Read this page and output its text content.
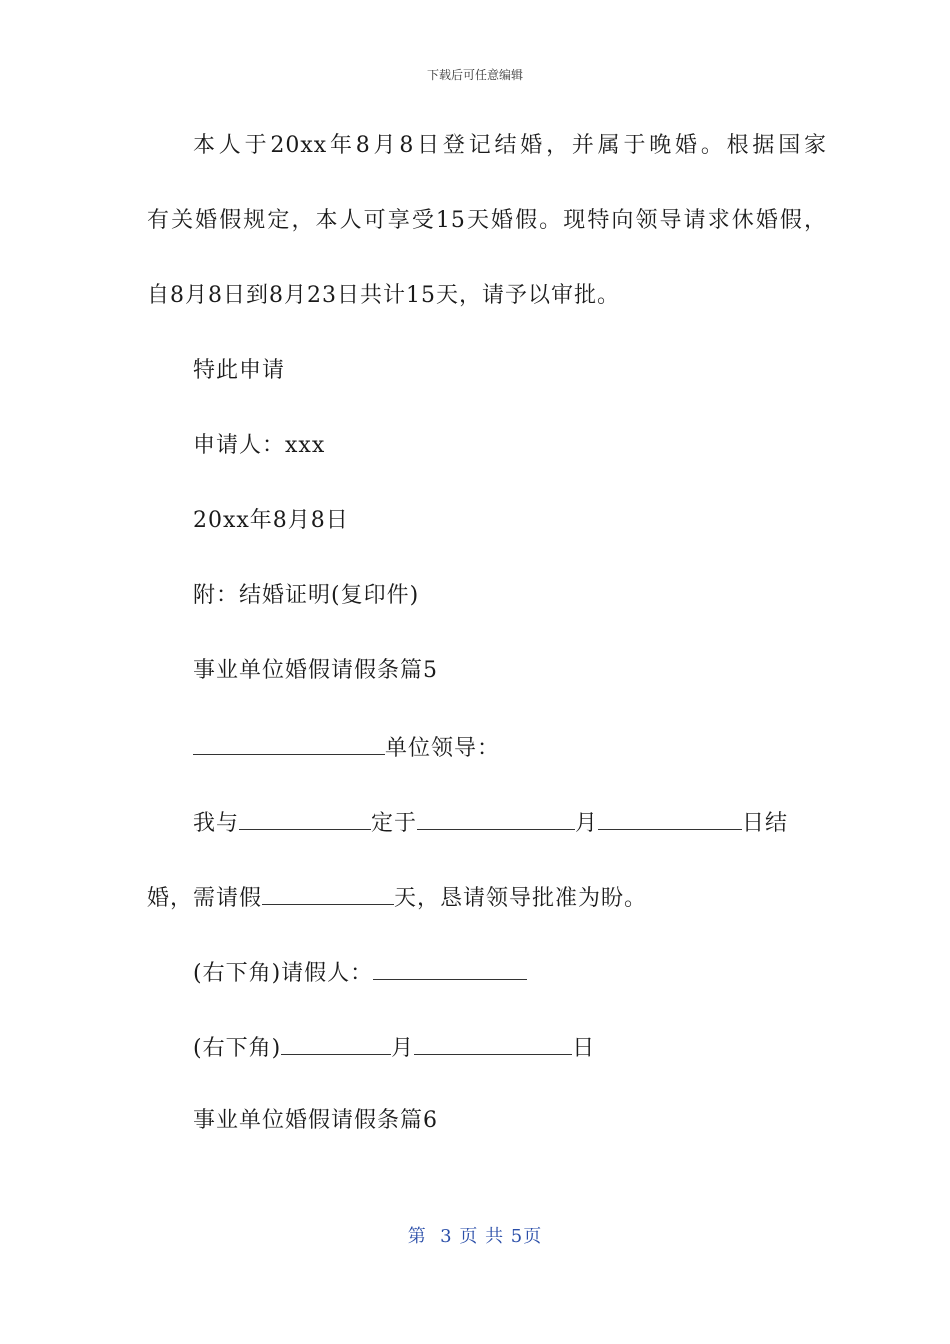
下载后可任意编辑
本人于20xx年8月8日登记结婚，并属于晚婚。根据国家
有关婚假规定，本人可享受15天婚假。现特向领导请求休婚假，
自8月8日到8月23日共计15天，请予以审批。
特此申请
申请人：xxx
20xx年8月8日
附：结婚证明(复印件)
事业单位婚假请假条篇5
单位领导：
我与	定于	月	日结
婚，需请假	天，恳请领导批准为盼。
(右下角)请假人：
(右下角)	月	日
事业单位婚假请假条篇6
第  3 页 共 5页
